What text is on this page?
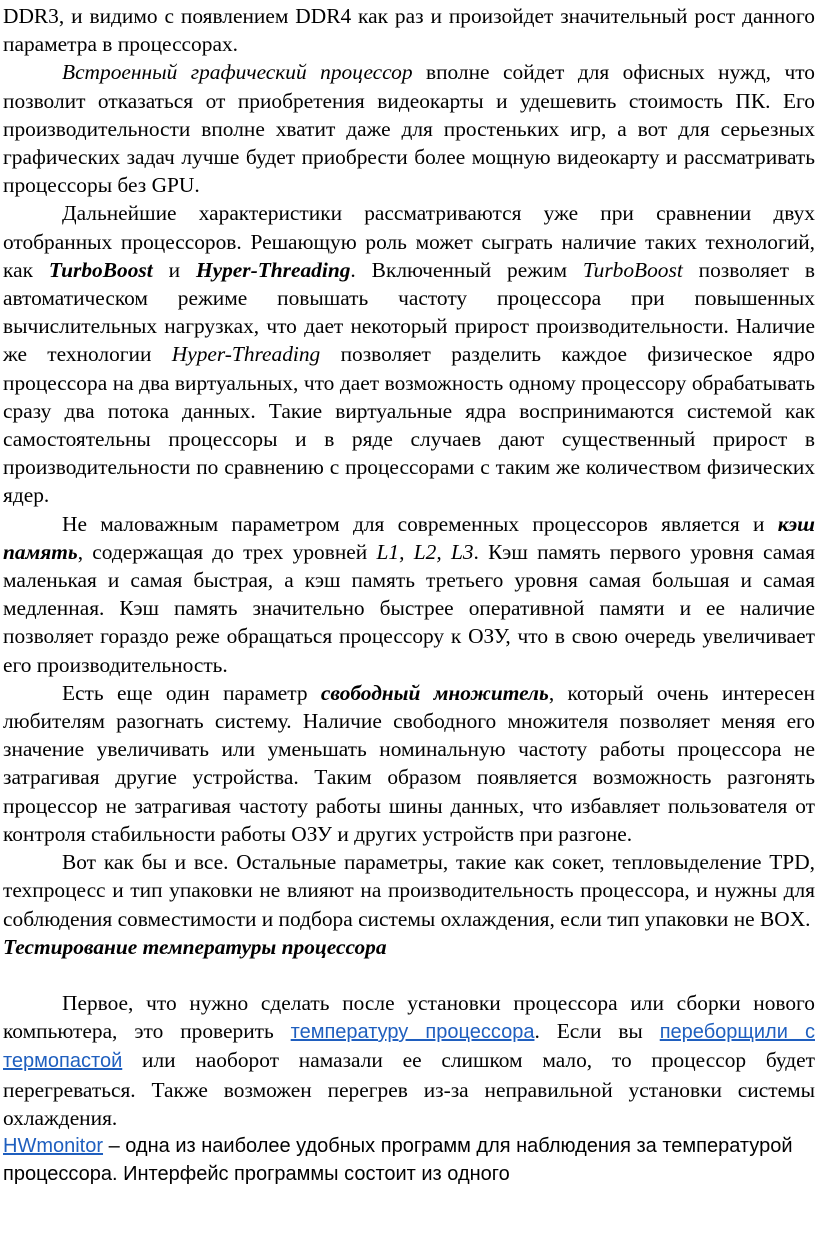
DDR3, и видимо с появлением DDR4 как раз и произойдет значительный рост данного параметра в процессорах.

Встроенный графический процессор вполне сойдет для офисных нужд, что позволит отказаться от приобретения видеокарты и удешевить стоимость ПК. Его производительности вполне хватит даже для простеньких игр, а вот для серьезных графических задач лучше будет приобрести более мощную видеокарту и рассматривать процессоры без GPU.

Дальнейшие характеристики рассматриваются уже при сравнении двух отобранных процессоров. Решающую роль может сыграть наличие таких технологий, как TurboBoost и Hyper-Threading. Включенный режим TurboBoost позволяет в автоматическом режиме повышать частоту процессора при повышенных вычислительных нагрузках, что дает некоторый прирост производительности. Наличие же технологии Hyper-Threading позволяет разделить каждое физическое ядро процессора на два виртуальных, что дает возможность одному процессору обрабатывать сразу два потока данных. Такие виртуальные ядра воспринимаются системой как самостоятельны процессоры и в ряде случаев дают существенный прирост в производительности по сравнению с процессорами с таким же количеством физических ядер.

Не маловажным параметром для современных процессоров является и кэш память, содержащая до трех уровней L1, L2, L3. Кэш память первого уровня самая маленькая и самая быстрая, а кэш память третьего уровня самая большая и самая медленная. Кэш память значительно быстрее оперативной памяти и ее наличие позволяет гораздо реже обращаться процессору к ОЗУ, что в свою очередь увеличивает его производительность.

Есть еще один параметр свободный множитель, который очень интересен любителям разогнать систему. Наличие свободного множителя позволяет меняя его значение увеличивать или уменьшать номинальную частоту работы процессора не затрагивая другие устройства. Таким образом появляется возможность разгонять процессор не затрагивая частоту работы шины данных, что избавляет пользователя от контроля стабильности работы ОЗУ и других устройств при разгоне.

Вот как бы и все. Остальные параметры, такие как сокет, тепловыделение TPD, техпроцесс и тип упаковки не влияют на производительность процессора, и нужны для соблюдения совместимости и подбора системы охлаждения, если тип упаковки не BOX.

Тестирование температуры процессора

Первое, что нужно сделать после установки процессора или сборки нового компьютера, это проверить температуру процессора. Если вы переборщили с термопастой или наоборот намазали ее слишком мало, то процессор будет перегреваться. Также возможен перегрев из-за неправильной установки системы охлаждения.

HWmonitor – одна из наиболее удобных программ для наблюдения за температурой процессора. Интерфейс программы состоит из одного
